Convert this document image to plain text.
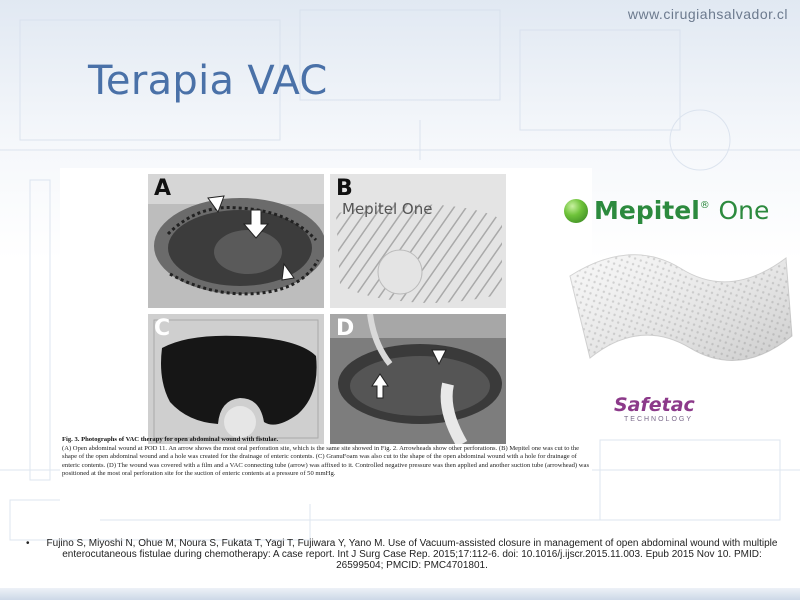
www.cirugiahsalvador.cl
Terapia VAC
A	B
Mepitel One
C	D
Fig. 3. Photographs of VAC therapy for open abdominal wound with fistulae.
(A) Open abdominal wound at POD 11. An arrow shows the most oral perforation site, which is the same site showed in Fig. 2. Arrowheads show other perforations. (B) Mepitel one was cut to the shape of the open abdominal wound and a hole was created for the drainage of enteric contents. (C) GranuFoam was also cut to the shape of the open abdominal wound with a hole for drainage of enteric contents. (D) The wound was covered with a film and a VAC connecting tube (arrow) was affixed to it. Controlled negative pressure was then applied and another suction tube (arrowhead) was positioned at the most oral perforation site for the suction of enteric contents at a pressure of 50 mmHg.
Mepitel® One
Safetac
TECHNOLOGY
•	Fujino S, Miyoshi N, Ohue M, Noura S, Fukata T, Yagi T, Fujiwara Y, Yano M. Use of Vacuum-assisted closure in management of open abdominal wound with multiple enterocutaneous fistulae during chemotherapy: A case report. Int J Surg Case Rep. 2015;17:112-6. doi: 10.1016/j.ijscr.2015.11.003. Epub 2015 Nov 10. PMID: 26599504; PMCID: PMC4701801.
